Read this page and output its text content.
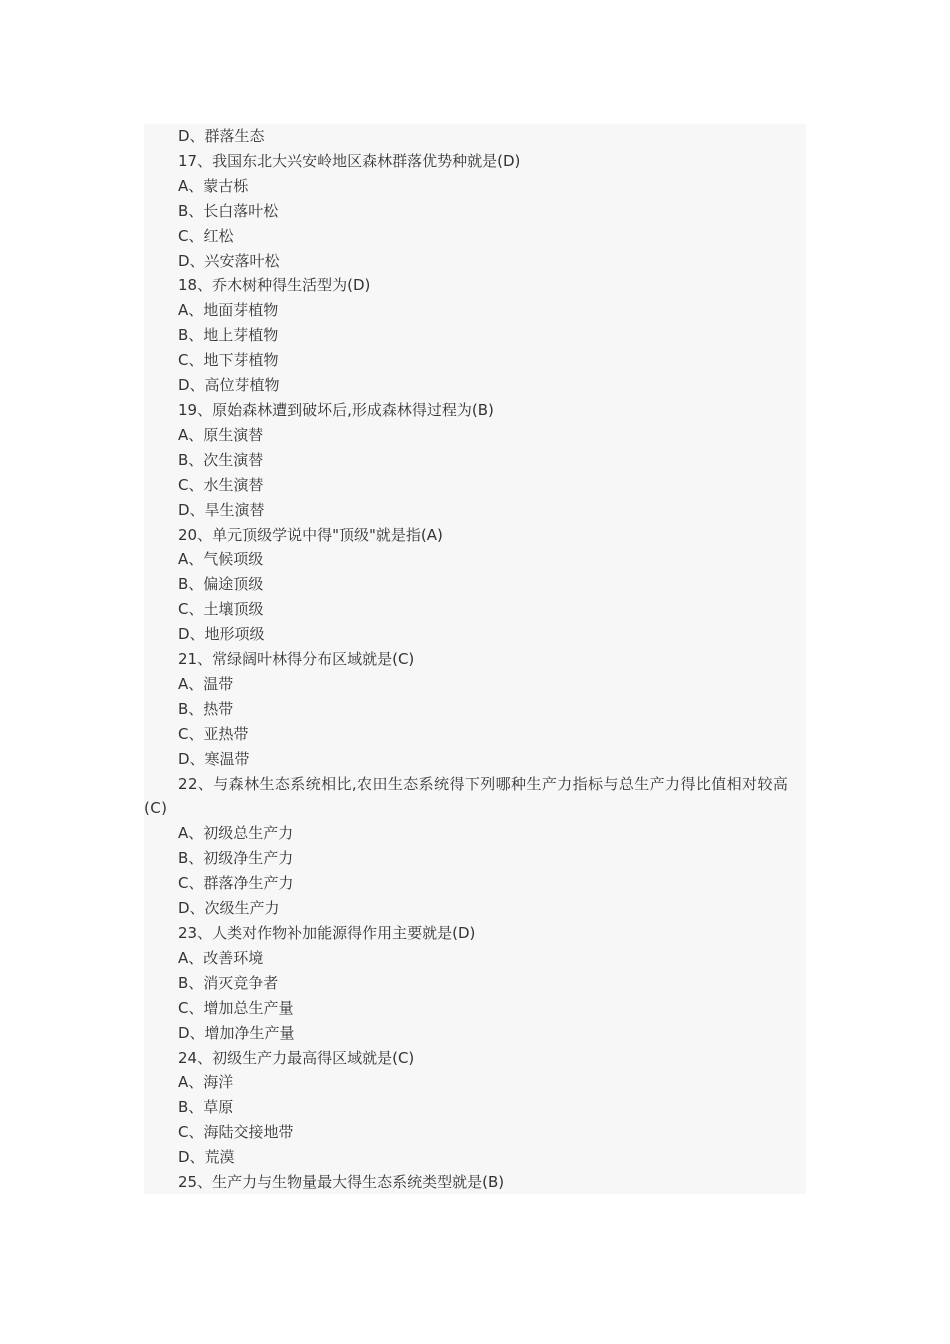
D、群落生态
17、我国东北大兴安岭地区森林群落优势种就是(D)
A、蒙古栎
B、长白落叶松
C、红松
D、兴安落叶松
18、乔木树种得生活型为(D)
A、地面芽植物
B、地上芽植物
C、地下芽植物
D、高位芽植物
19、原始森林遭到破坏后,形成森林得过程为(B)
A、原生演替
B、次生演替
C、水生演替
D、旱生演替
20、单元顶级学说中得"顶级"就是指(A)
A、气候项级
B、偏途顶级
C、土壤顶级
D、地形项级
21、常绿阔叶林得分布区域就是(C)
A、温带
B、热带
C、亚热带
D、寒温带
22、与森林生态系统相比,农田生态系统得下列哪种生产力指标与总生产力得比值相对较高(C)
A、初级总生产力
B、初级净生产力
C、群落净生产力
D、次级生产力
23、人类对作物补加能源得作用主要就是(D)
A、改善环境
B、消灭竞争者
C、增加总生产量
D、增加净生产量
24、初级生产力最高得区域就是(C)
A、海洋
B、草原
C、海陆交接地带
D、荒漠
25、生产力与生物量最大得生态系统类型就是(B)
